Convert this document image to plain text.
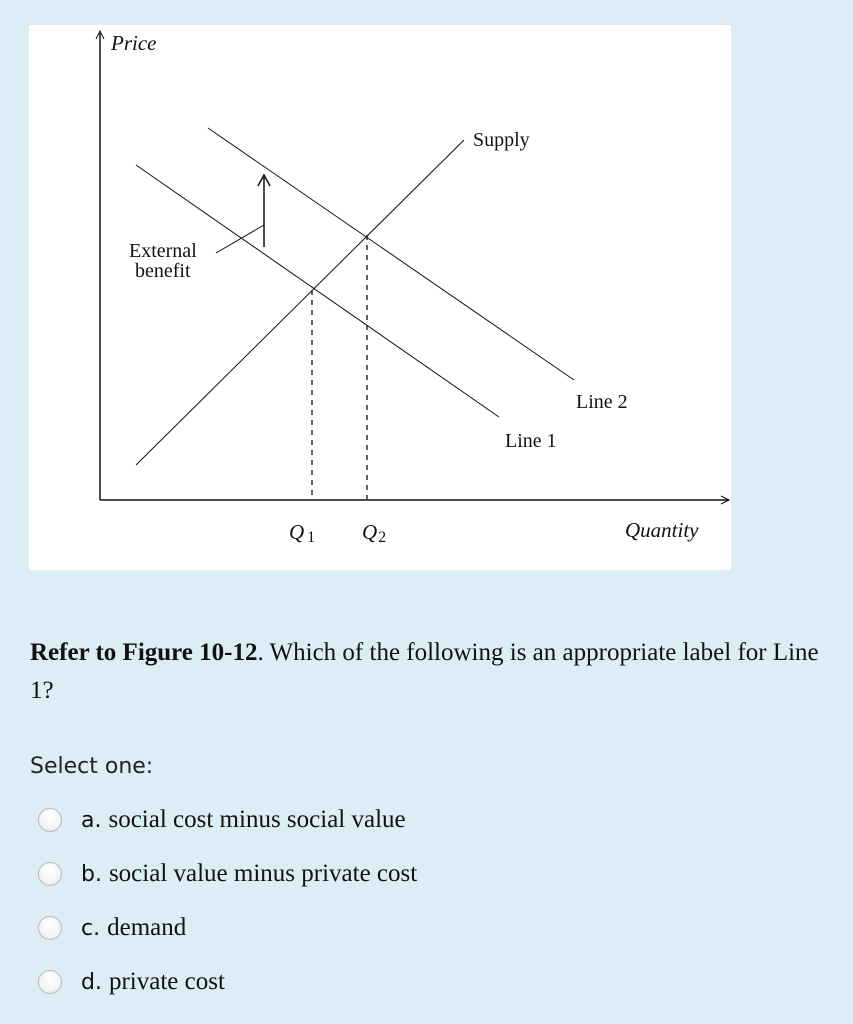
Price
Quantity
Supply
Line 2
Line 1
External
benefit
Q 1 Q2
Refer to Figure 10-12. Which of the following is an appropriate label for Line 1?
Select one:
a. social cost minus social value
b. social value minus private cost
c. demand
d. private cost
